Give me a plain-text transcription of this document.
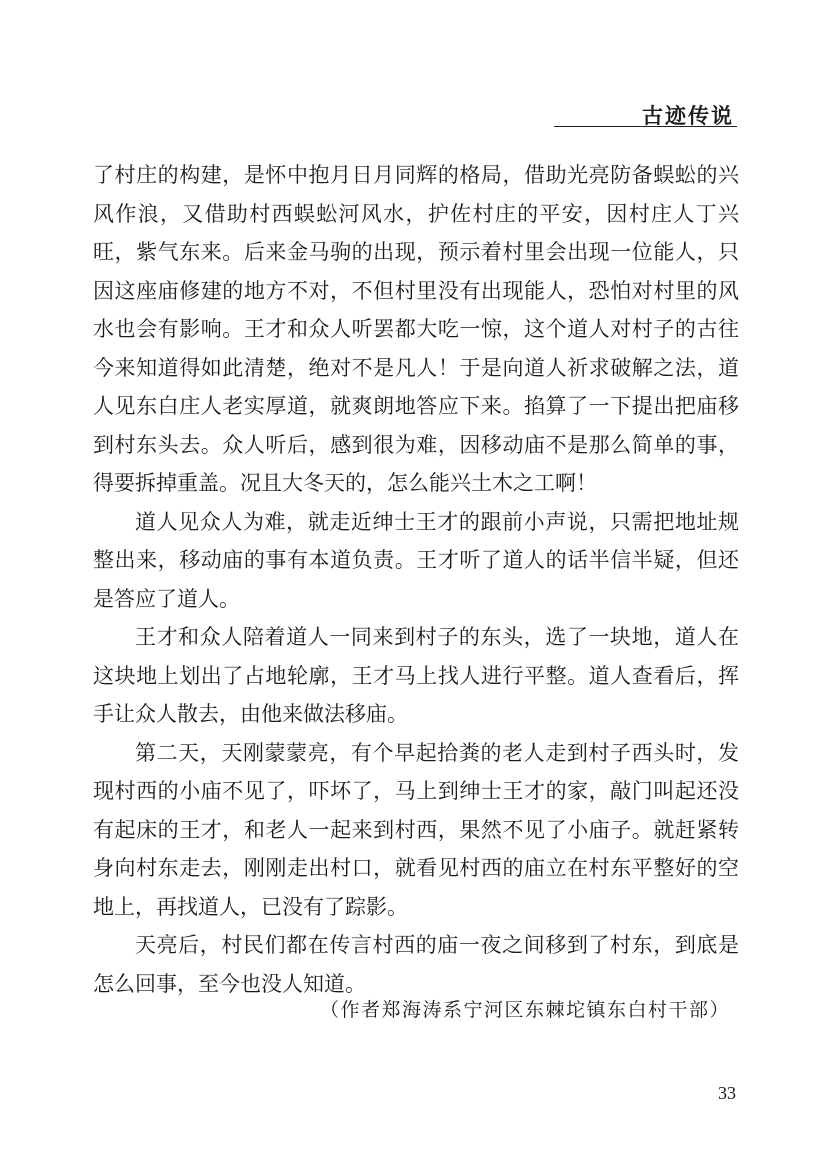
古迹传说

了村庄的构建，是怀中抱月日月同辉的格局，借助光亮防备蜈蚣的兴风作浪，又借助村西蜈蚣河风水，护佐村庄的平安，因村庄人丁兴旺，紫气东来。后来金马驹的出现，预示着村里会出现一位能人，只因这座庙修建的地方不对，不但村里没有出现能人，恐怕对村里的风水也会有影响。王才和众人听罢都大吃一惊，这个道人对村子的古往今来知道得如此清楚，绝对不是凡人！于是向道人祈求破解之法，道人见东白庄人老实厚道，就爽朗地答应下来。掐算了一下提出把庙移到村东头去。众人听后，感到很为难，因移动庙不是那么简单的事，得要拆掉重盖。况且大冬天的，怎么能兴土木之工啊！

道人见众人为难，就走近绅士王才的跟前小声说，只需把地址规整出来，移动庙的事有本道负责。王才听了道人的话半信半疑，但还是答应了道人。

王才和众人陪着道人一同来到村子的东头，选了一块地，道人在这块地上划出了占地轮廓，王才马上找人进行平整。道人查看后，挥手让众人散去，由他来做法移庙。

第二天，天刚蒙蒙亮，有个早起拾粪的老人走到村子西头时，发现村西的小庙不见了，吓坏了，马上到绅士王才的家，敲门叫起还没有起床的王才，和老人一起来到村西，果然不见了小庙子。就赶紧转身向村东走去，刚刚走出村口，就看见村西的庙立在村东平整好的空地上，再找道人，已没有了踪影。

天亮后，村民们都在传言村西的庙一夜之间移到了村东，到底是怎么回事，至今也没人知道。

（作者郑海涛系宁河区东棘坨镇东白村干部）
33
